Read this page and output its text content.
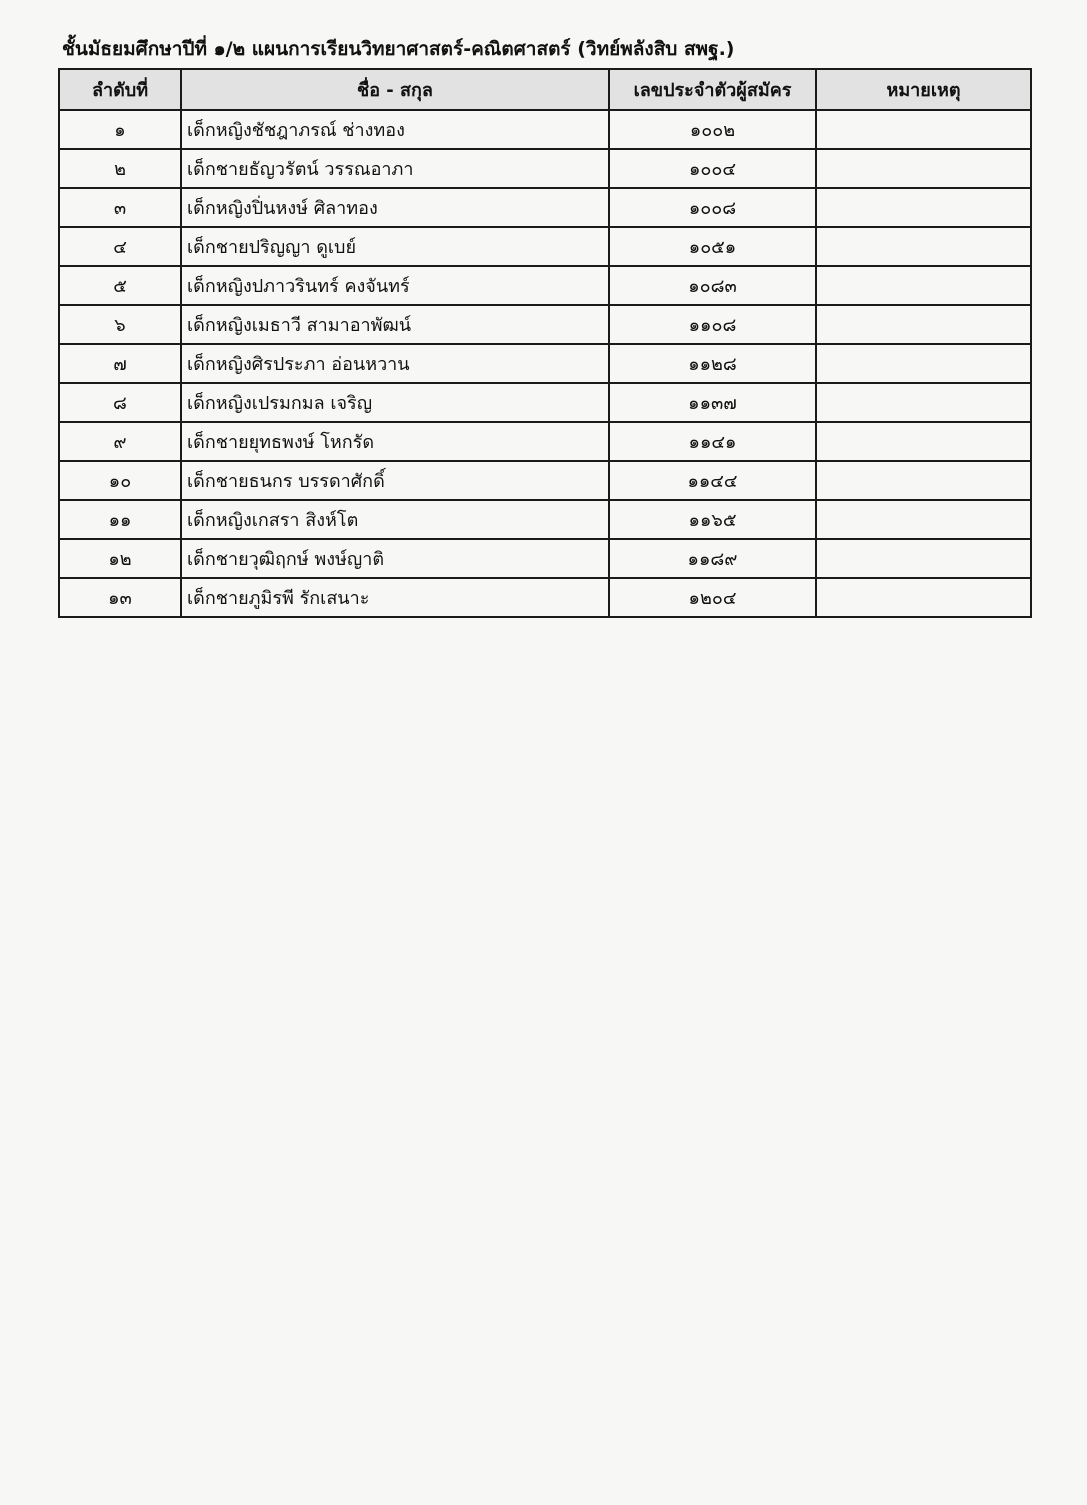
ชั้นมัธยมศึกษาปีที่ ๑/๒ แผนการเรียนวิทยาศาสตร์-คณิตศาสตร์ (วิทย์พลังสิบ สพฐ.)
ลำดับที่	ชื่อ - สกุล	เลขประจำตัวผู้สมัคร	หมายเหตุ
๑	เด็กหญิงชัชฎาภรณ์ ช่างทอง	๑๐๐๒	
๒	เด็กชายธัญวรัตน์ วรรณอาภา	๑๐๐๔	
๓	เด็กหญิงปิ่นหงษ์ ศิลาทอง	๑๐๐๘	
๔	เด็กชายปริญญา ดูเบย์	๑๐๕๑	
๕	เด็กหญิงปภาวรินทร์ คงจันทร์	๑๐๘๓	
๖	เด็กหญิงเมธาวี สามาอาพัฒน์	๑๑๐๘	
๗	เด็กหญิงศิรประภา อ่อนหวาน	๑๑๒๘	
๘	เด็กหญิงเปรมกมล เจริญ	๑๑๓๗	
๙	เด็กชายยุทธพงษ์ โหกรัด	๑๑๔๑	
๑๐	เด็กชายธนกร บรรดาศักดิ์	๑๑๔๔	
๑๑	เด็กหญิงเกสรา สิงห์โต	๑๑๖๕	
๑๒	เด็กชายวุฒิฤกษ์ พงษ์ญาติ	๑๑๘๙	
๑๓	เด็กชายภูมิรพี รักเสนาะ	๑๒๐๔	
